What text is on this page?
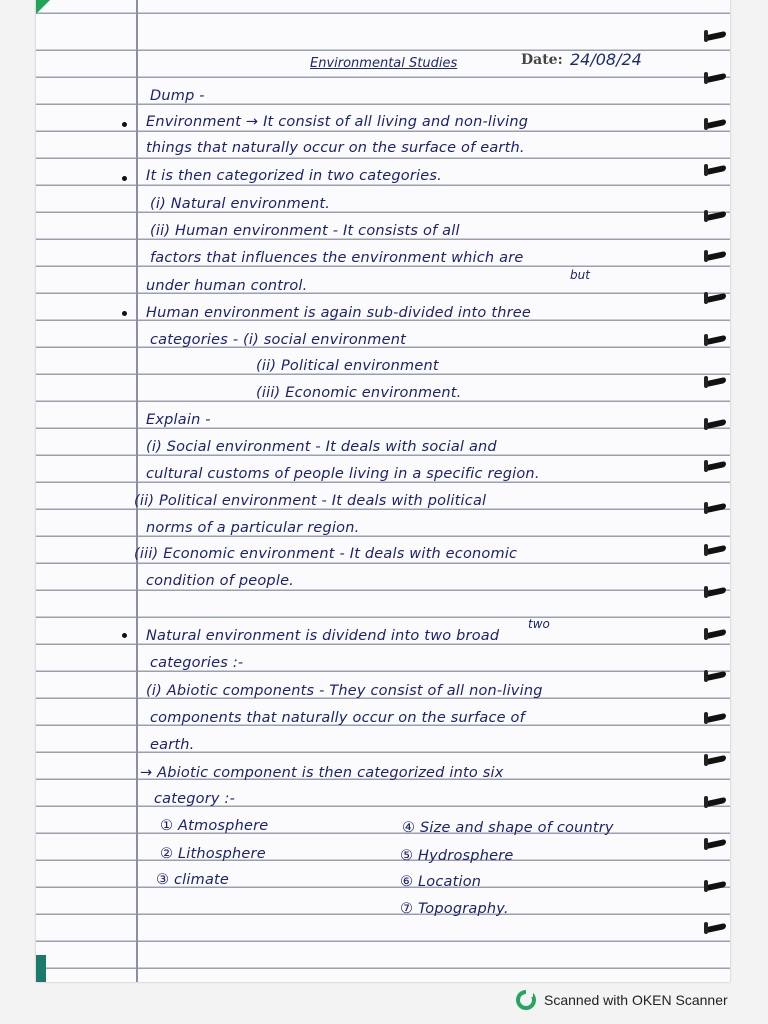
Environmental Studies	Date: 24/08/24
Dump -
Environment → It consist of all living and non-living
things that naturally occur on the surface of earth.
It is then categorized in two categories.
(i) Natural environment.
(ii) Human environment - It consists of all
factors that influences the environment which are
but
under human control.
Human environment is again sub-divided into three
categories - (i) social environment
(ii) Political environment
(iii) Economic environment.
Explain -
(i) Social environment - It deals with social and
cultural customs of people living in a specific region.
(ii) Political environment - It deals with political
norms of a particular region.
(iii) Economic environment - It deals with economic
condition of people.
two
Natural environment is dividend into two broad
categories :-
(i) Abiotic components - They consist of all non-living
components that naturally occur on the surface of
earth.
→ Abiotic component is then categorized into six
category :-
① Atmosphere
② Lithosphere
③ climate
④ Size and shape of country
⑤ Hydrosphere
⑥ Location
⑦ Topography.
Scanned with OKEN Scanner
